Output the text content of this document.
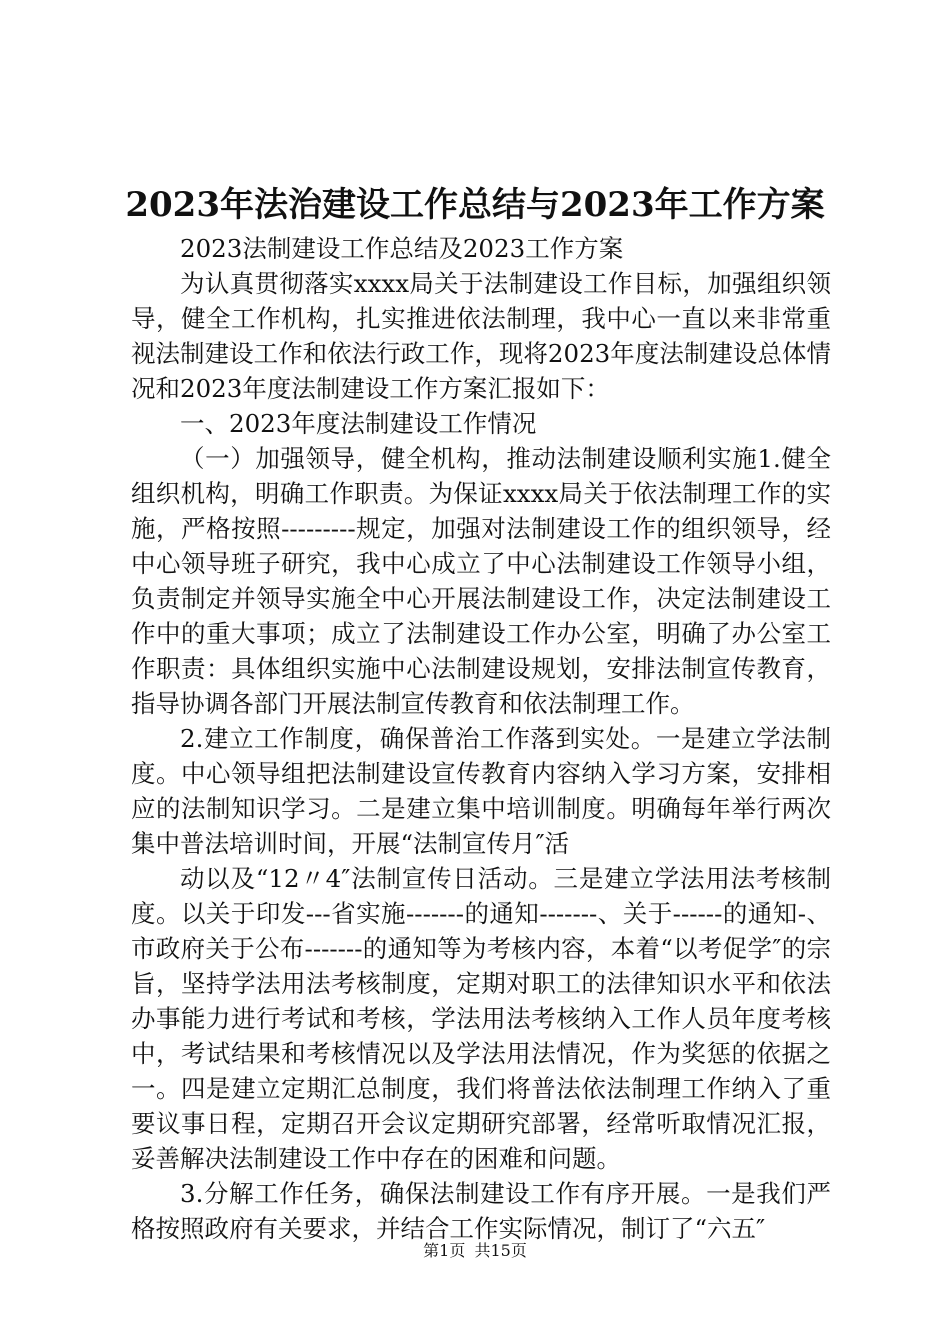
2023年法治建设工作总结与2023年工作方案

2023法制建设工作总结及2023工作方案

为认真贯彻落实xxxx局关于法制建设工作目标，加强组织领导，健全工作机构，扎实推进依法制理，我中心一直以来非常重视法制建设工作和依法行政工作，现将2023年度法制建设总体情况和2023年度法制建设工作方案汇报如下：

一、2023年度法制建设工作情况

（一）加强领导，健全机构，推动法制建设顺利实施1.健全组织机构，明确工作职责。为保证xxxx局关于依法制理工作的实施，严格按照---------规定，加强对法制建设工作的组织领导，经中心领导班子研究，我中心成立了中心法制建设工作领导小组，负责制定并领导实施全中心开展法制建设工作，决定法制建设工作中的重大事项；成立了法制建设工作办公室，明确了办公室工作职责：具体组织实施中心法制建设规划，安排法制宣传教育，指导协调各部门开展法制宣传教育和依法制理工作。

2.建立工作制度，确保普治工作落到实处。一是建立学法制度。中心领导组把法制建设宣传教育内容纳入学习方案，安排相应的法制知识学习。二是建立集中培训制度。明确每年举行两次集中普法培训时间，开展“法制宣传月″活

动以及“12〃4″法制宣传日活动。三是建立学法用法考核制度。以关于印发---省实施-------的通知-------、关于------的通知-、市政府关于公布-------的通知等为考核内容，本着“以考促学″的宗旨，坚持学法用法考核制度，定期对职工的法律知识水平和依法办事能力进行考试和考核，学法用法考核纳入工作人员年度考核中，考试结果和考核情况以及学法用法情况，作为奖惩的依据之一。四是建立定期汇总制度，我们将普法依法制理工作纳入了重要议事日程，定期召开会议定期研究部署，经常听取情况汇报，妥善解决法制建设工作中存在的困难和问题。

3.分解工作任务，确保法制建设工作有序开展。一是我们严格按照政府有关要求，并结合工作实际情况，制订了“六五″

第1页 共15页
